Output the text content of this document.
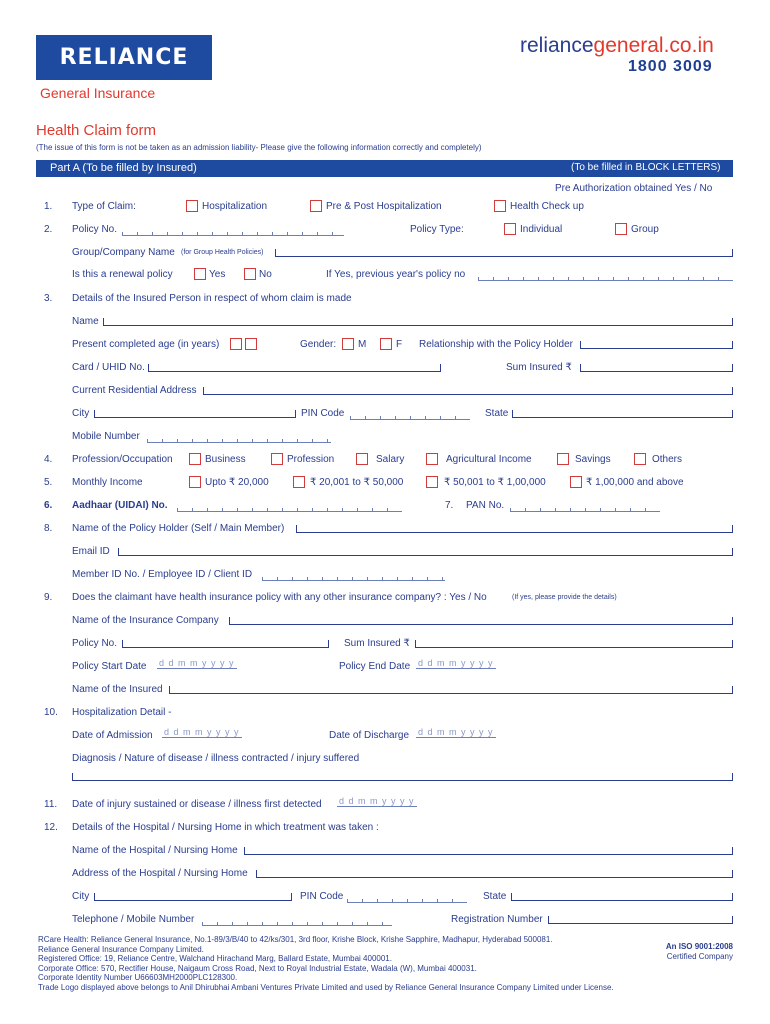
RELIANCE
General Insurance
reliancegeneral.co.in
1800 3009
Health Claim form
(The issue of this form is not be taken as an admission liability- Please give the following information correctly and completely)
Part A (To be filled by Insured)	(To be filled in BLOCK LETTERS)
Pre Authorization obtained Yes / No
1. Type of Claim:	Hospitalization	Pre & Post Hospitalization	Health Check up
2. Policy No.	Policy Type:	Individual	Group
Group/Company Name (for Group Health Policies)
Is this a renewal policy	Yes	No	If Yes, previous year's policy no
3. Details of the Insured Person in respect of whom claim is made
Name
Present completed age (in years)	Gender: M	F Relationship with the Policy Holder
Card / UHID No.	Sum Insured ₹
Current Residential Address
City	PIN Code	State
Mobile Number
4. Profession/Occupation	Business	Profession	Salary	Agricultural Income	Savings	Others
5. Monthly Income	Upto ₹ 20,000	₹ 20,001 to ₹ 50,000	₹ 50,001 to ₹ 1,00,000	₹ 1,00,000 and above
6. Aadhaar (UIDAI) No.	7. PAN No.
8. Name of the Policy Holder (Self / Main Member)
Email ID
Member ID No. / Employee ID / Client ID
9. Does the claimant have health insurance policy with any other insurance company? : Yes / No	(If yes, please provide the details)
Name of the Insurance Company
Policy No.	Sum Insured ₹
Policy Start Date d d m m y y y y	Policy End Date d d m m y y y y
Name of the Insured
10. Hospitalization Detail -
Date of Admission d d m m y y y y	Date of Discharge d d m m y y y y
Diagnosis / Nature of disease / illness contracted / injury suffered
11. Date of injury sustained or disease / illness first detected d d m m y y y y
12. Details of the Hospital / Nursing Home in which treatment was taken :
Name of the Hospital / Nursing Home
Address of the Hospital / Nursing Home
City	PIN Code	State
Telephone / Mobile Number	Registration Number
RCare Health: Reliance General Insurance, No.1-89/3/B/40 to 42/ks/301, 3rd floor, Krishe Block, Krishe Sapphire, Madhapur, Hyderabad 500081.
Reliance General Insurance Company Limited.
Registered Office: 19, Reliance Centre, Walchand Hirachand Marg, Ballard Estate, Mumbai 400001.
Corporate Office: 570, Rectifier House, Naigaum Cross Road, Next to Royal Industrial Estate, Wadala (W), Mumbai 400031.
Corporate Identity Number U66603MH2000PLC128300.
Trade Logo displayed above belongs to Anil Dhirubhai Ambani Ventures Private Limited and used by Reliance General Insurance Company Limited under License.
An ISO 9001:2008
Certified Company
